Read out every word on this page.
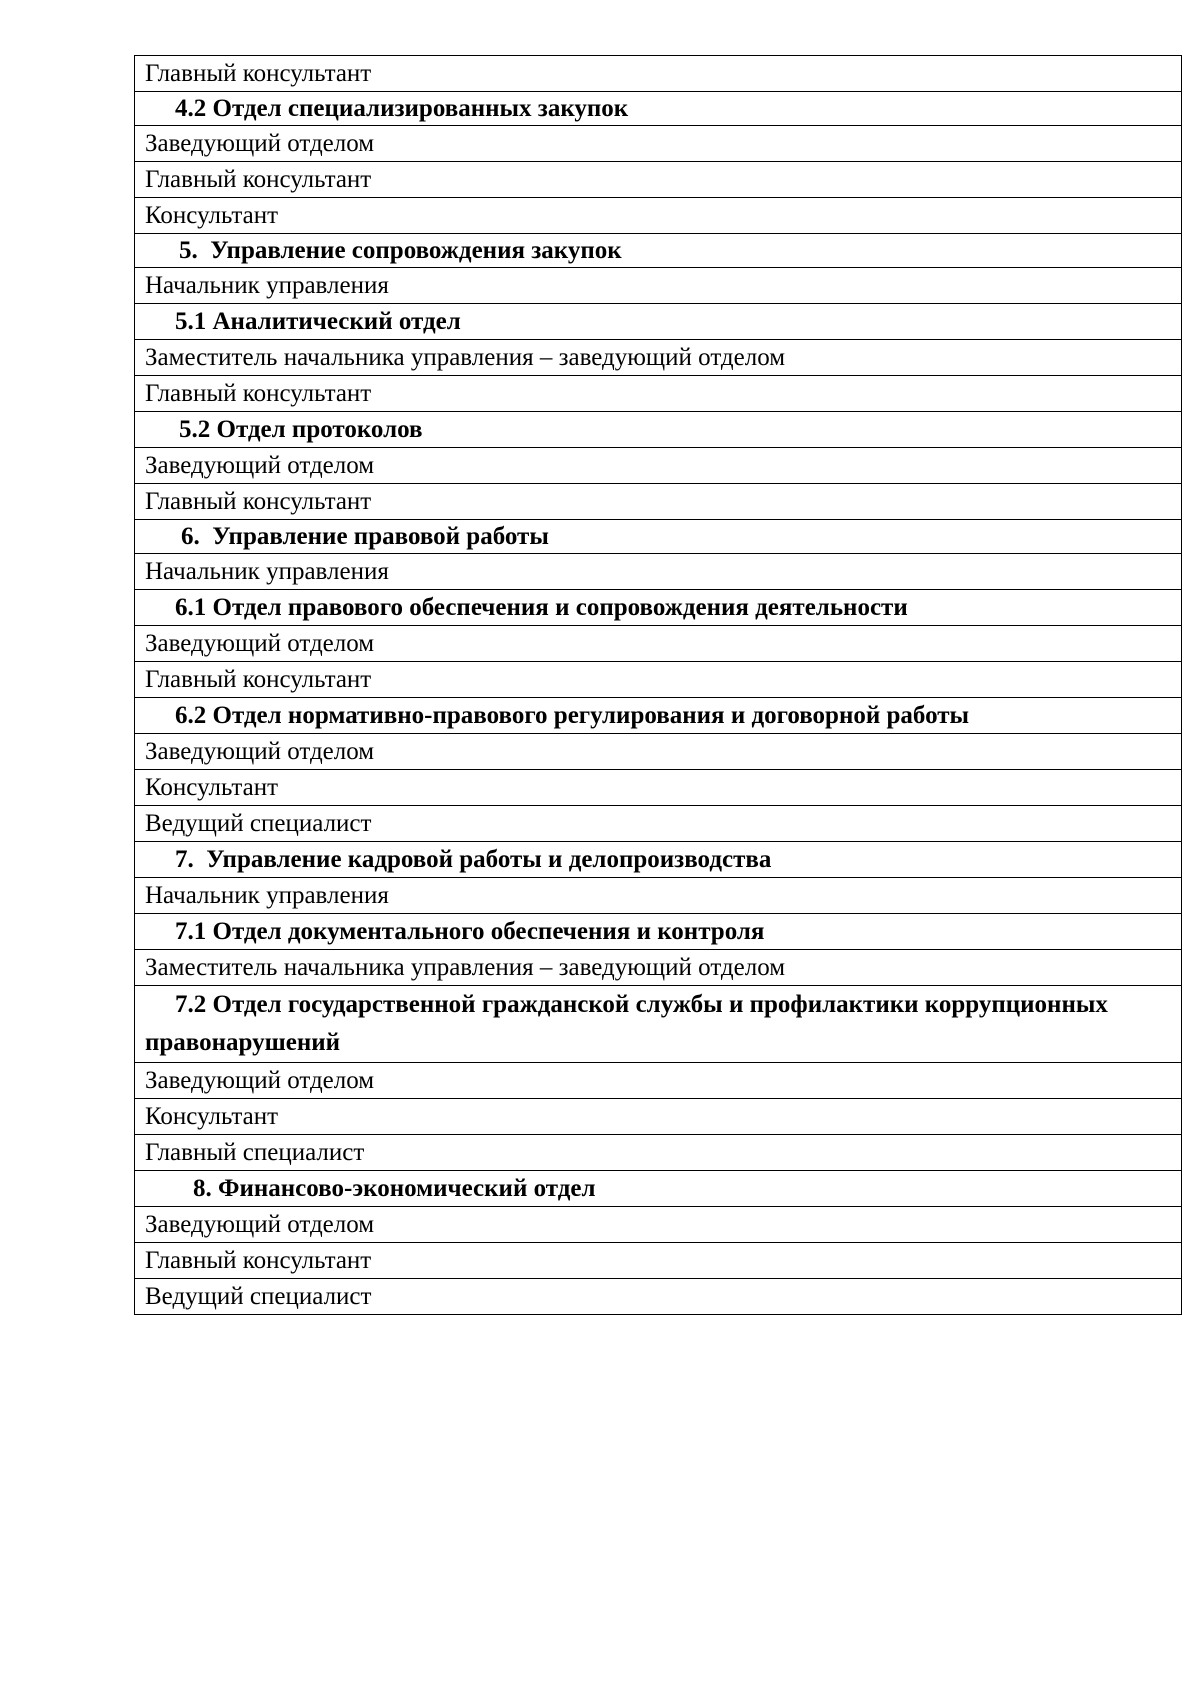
Главный консультант
4.2 Отдел специализированных закупок
Заведующий отделом
Главный консультант
Консультант
5.  Управление сопровождения закупок
Начальник управления
5.1 Аналитический отдел
Заместитель начальника управления – заведующий отделом
Главный консультант
5.2 Отдел протоколов
Заведующий отделом
Главный консультант
6.  Управление правовой работы
Начальник управления
6.1 Отдел правового обеспечения и сопровождения деятельности
Заведующий отделом
Главный консультант
6.2 Отдел нормативно-правового регулирования и договорной работы
Заведующий отделом
Консультант
Ведущий специалист
7.  Управление кадровой работы и делопроизводства
Начальник управления
7.1 Отдел документального обеспечения и контроля
Заместитель начальника управления – заведующий отделом
7.2 Отдел государственной гражданской службы и профилактики коррупционных правонарушений
Заведующий отделом
Консультант
Главный специалист
8. Финансово-экономический отдел
Заведующий отделом
Главный консультант
Ведущий специалист
